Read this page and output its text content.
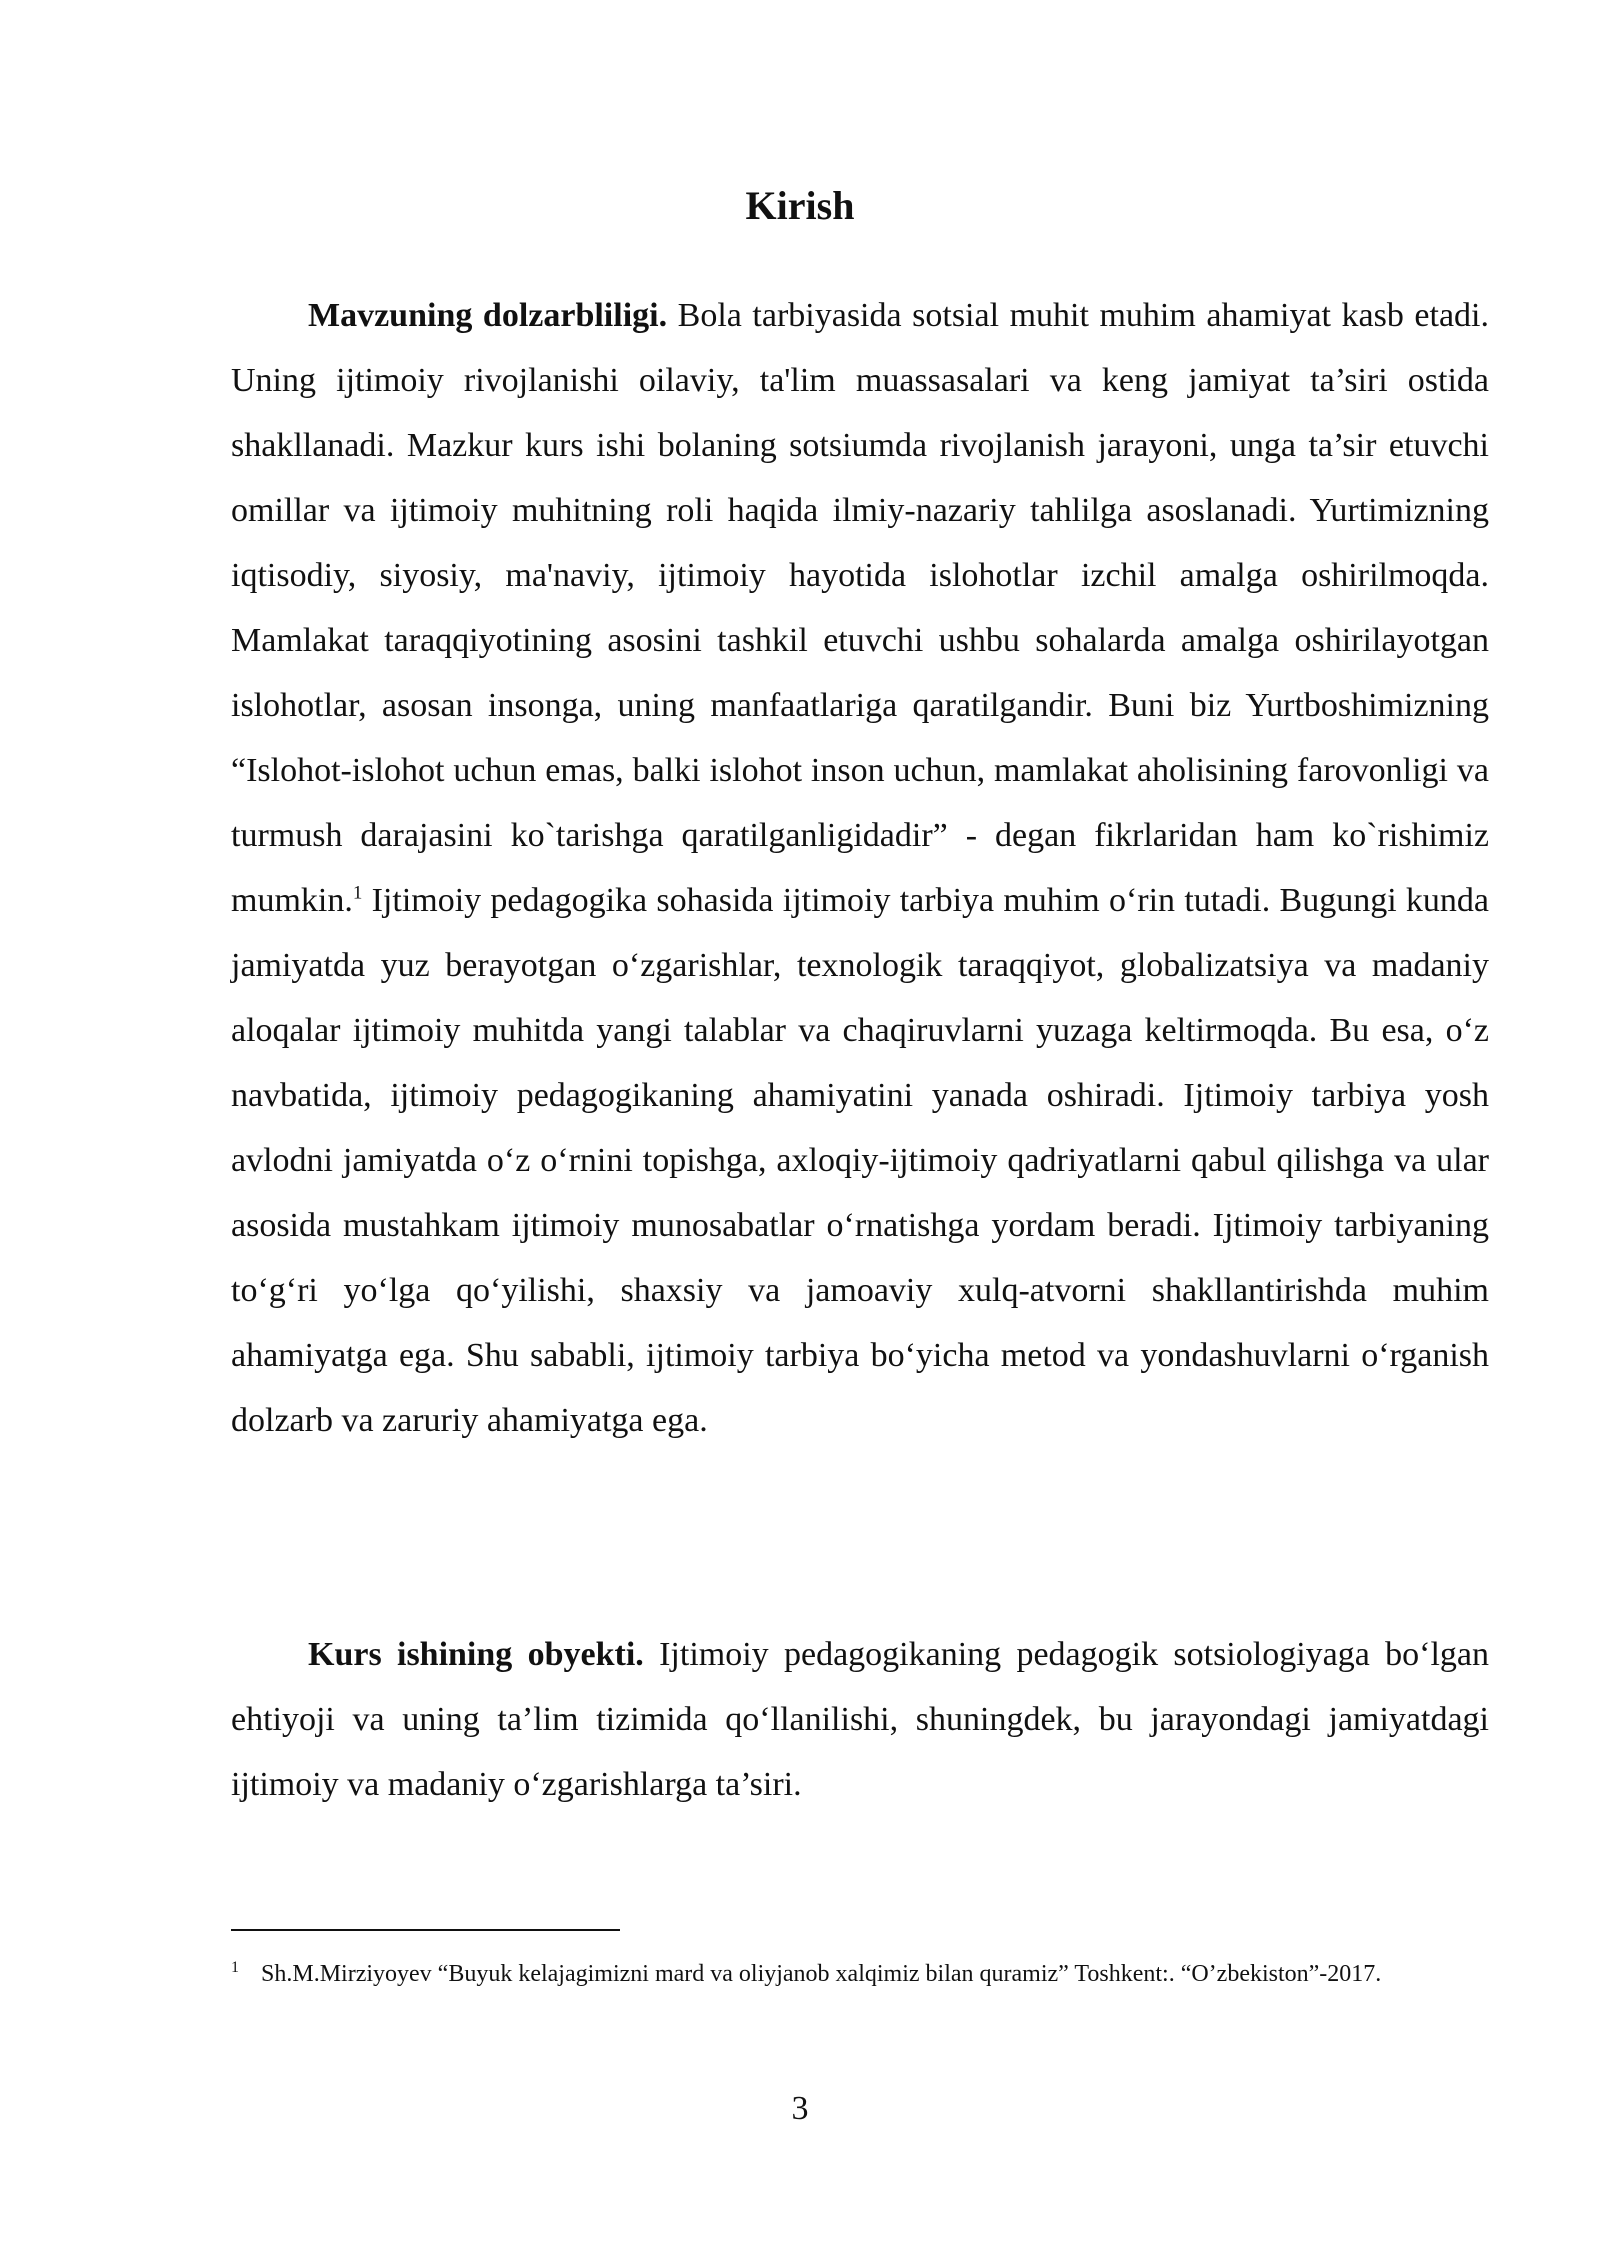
Kirish

Mavzuning dolzarbliligi. Bola tarbiyasida sotsial muhit muhim ahamiyat kasb etadi. Uning ijtimoiy rivojlanishi oilaviy, ta'lim muassasalari va keng jamiyat ta’siri ostida shakllanadi. Mazkur kurs ishi bolaning sotsiumda rivojlanish jarayoni, unga ta’sir etuvchi omillar va ijtimoiy muhitning roli haqida ilmiy-nazariy tahlilga asoslanadi. Yurtimizning iqtisodiy, siyosiy, ma'naviy, ijtimoiy hayotida islohotlar izchil amalga oshirilmoqda. Mamlakat taraqqiyotining asosini tashkil etuvchi ushbu sohalarda amalga oshirilayotgan islohotlar, asosan insonga, uning manfaatlariga qaratilgandir. Buni biz Yurtboshimizning “Islohot-islohot uchun emas, balki islohot inson uchun, mamlakat aholisining farovonligi va turmush darajasini ko`tarishga qaratilganligidadir” - degan fikrlaridan ham ko`rishimiz mumkin.$^1$ Ijtimoiy pedagogika sohasida ijtimoiy tarbiya muhim o‘rin tutadi. Bugungi kunda jamiyatda yuz berayotgan o‘zgarishlar, texnologik taraqqiyot, globalizatsiya va madaniy aloqalar ijtimoiy muhitda yangi talablar va chaqiruvlarni yuzaga keltirmoqda. Bu esa, o‘z navbatida, ijtimoiy pedagogikaning ahamiyatini yanada oshiradi. Ijtimoiy tarbiya yosh avlodni jamiyatda o‘z o‘rnini topishga, axloqiy-ijtimoiy qadriyatlarni qabul qilishga va ular asosida mustahkam ijtimoiy munosabatlar o‘rnatishga yordam beradi. Ijtimoiy tarbiyaning to‘g‘ri yo‘lga qo‘yilishi, shaxsiy va jamoaviy xulq-atvorni shakllantirishda muhim ahamiyatga ega. Shu sababli, ijtimoiy tarbiya bo‘yicha metod va yondashuvlarni o‘rganish dolzarb va zaruriy ahamiyatga ega.

Kurs ishining obyekti. Ijtimoiy pedagogikaning pedagogik sotsiologiyaga bo‘lgan ehtiyoji va uning ta’lim tizimida qo‘llanilishi, shuningdek, bu jarayondagi jamiyatdagi ijtimoiy va madaniy o‘zgarishlarga ta’siri.

$^1$ Sh.M.Mirziyoyev “Buyuk kelajagimizni mard va oliyjanob xalqimiz bilan quramiz” Toshkent:. “O’zbekiston”-2017.

3
